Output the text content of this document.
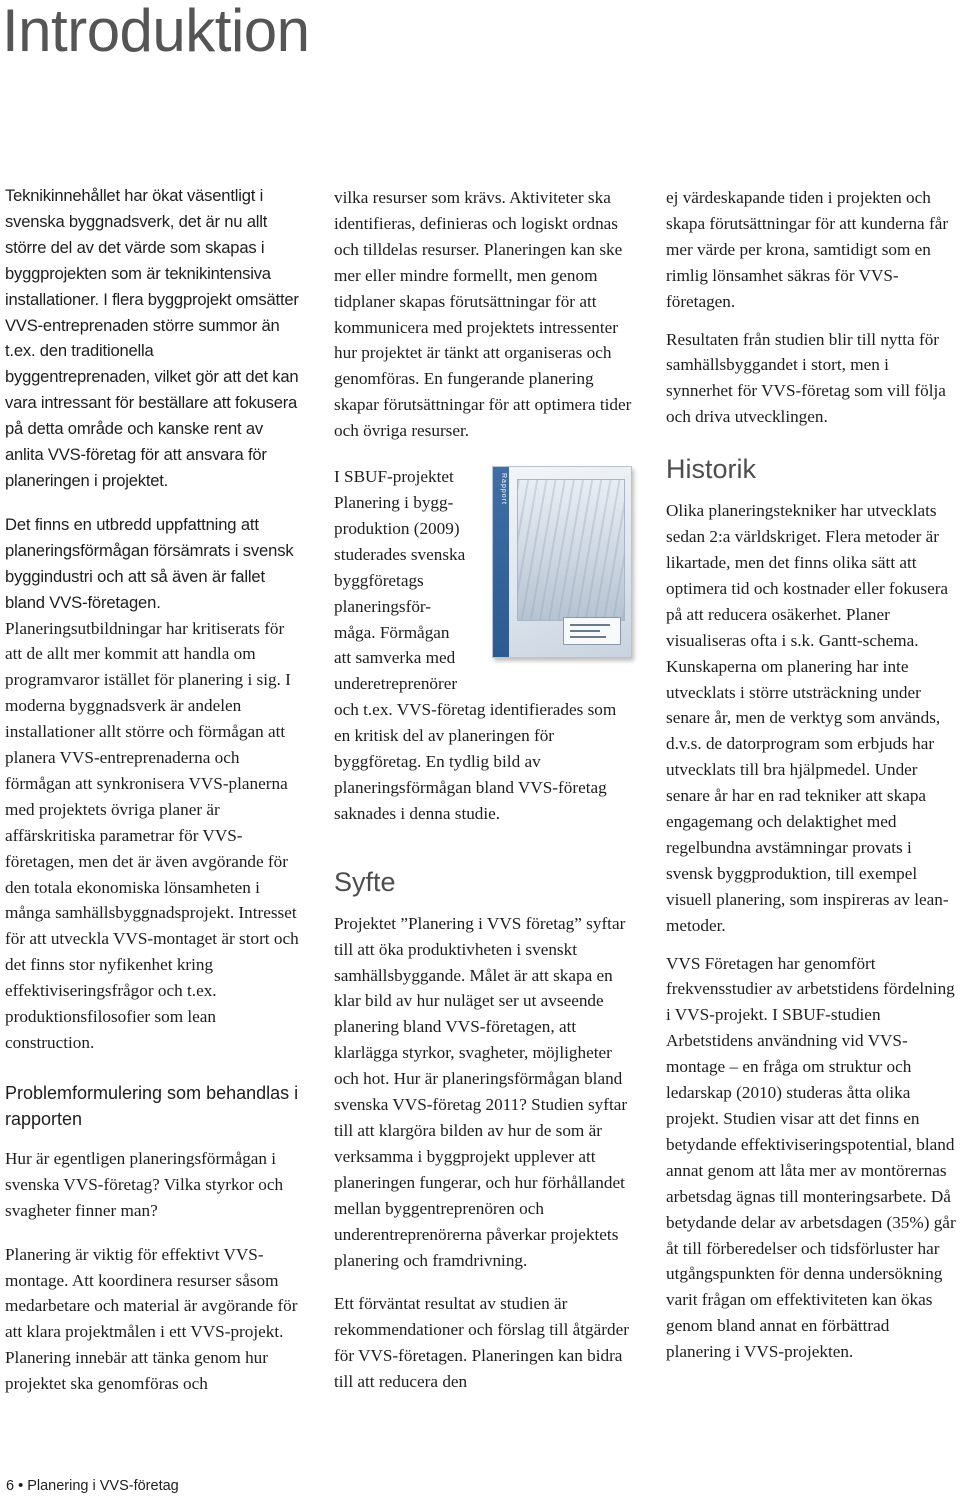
Introduktion

Teknikinnehållet har ökat väsentligt i svenska byggnadsverk, det är nu allt större del av det värde som skapas i byggprojekten som är teknikintensiva installationer. I flera byggprojekt omsätter VVS-entreprenaden större summor än t.ex. den traditionella byggentreprenaden, vilket gör att det kan vara intressant för beställare att fokusera på detta område och kanske rent av anlita VVS-företag för att ansvara för planeringen i projektet.

Det finns en utbredd uppfattning att planeringsförmågan försämrats i svensk byggindustri och att så även är fallet bland VVS-företagen.

Planeringsutbildningar har kritiserats för att de allt mer kommit att handla om programvaror istället för planering i sig. I moderna byggnadsverk är andelen installationer allt större och förmågan att planera VVS-entreprenaderna och förmågan att synkronisera VVS-planerna med projektets övriga planer är affärskritiska parametrar för VVS-företagen, men det är även avgörande för den totala ekonomiska lönsamheten i många samhällsbyggnadsprojekt. Intresset för att utveckla VVS-montaget är stort och det finns stor nyfikenhet kring effektiviseringsfrågor och t.ex. produktionsfilosofier som lean construction.

Problemformulering som behandlas i rapporten

Hur är egentligen planeringsförmågan i svenska VVS-företag? Vilka styrkor och svagheter finner man?

Planering är viktig för effektivt VVS-montage. Att koordinera resurser såsom medarbetare och material är avgörande för att klara projektmålen i ett VVS-projekt. Planering innebär att tänka genom hur projektet ska genomföras och

vilka resurser som krävs. Aktiviteter ska identifieras, definieras och logiskt ordnas och tilldelas resurser. Planeringen kan ske mer eller mindre formellt, men genom tidplaner skapas förutsättningar för att kommunicera med projektets intressenter hur projektet är tänkt att organiseras och genomföras. En fungerande planering skapar förutsättningar för att optimera tider och övriga resurser.

Rapport

I SBUF-projektet
Planering i bygg-
produktion (2009)
studerades svenska
byggföretags
planeringsför-
måga. Förmågan
att samverka med
underetreprenörer
och t.ex. VVS-företag identifierades som en kritisk del av planeringen för byggföretag. En tydlig bild av planeringsförmågan bland VVS-företag saknades i denna studie.

Syfte

Projektet ”Planering i VVS företag” syftar till att öka produktivheten i svenskt samhällsbyggande. Målet är att skapa en klar bild av hur nuläget ser ut avseende planering bland VVS-företagen, att klarlägga styrkor, svagheter, möjligheter och hot. Hur är planeringsförmågan bland svenska VVS-företag 2011? Studien syftar till att klargöra bilden av hur de som är verksamma i byggprojekt upplever att planeringen fungerar, och hur förhållandet mellan byggentreprenören och underentreprenörerna påverkar projektets planering och framdrivning.

Ett förväntat resultat av studien är rekommendationer och förslag till åtgärder för VVS-företagen. Planeringen kan bidra till att reducera den

ej värdeskapande tiden i projekten och skapa förutsättningar för att kunderna får mer värde per krona, samtidigt som en rimlig lönsamhet säkras för VVS-företagen.

Resultaten från studien blir till nytta för samhällsbyggandet i stort, men i synnerhet för VVS-företag som vill följa och driva utvecklingen.

Historik

Olika planeringstekniker har utvecklats sedan 2:a världskriget. Flera metoder är likartade, men det finns olika sätt att optimera tid och kostnader eller fokusera på att reducera osäkerhet. Planer visualiseras ofta i s.k. Gantt-schema. Kunskaperna om planering har inte utvecklats i större utsträckning under senare år, men de verktyg som används, d.v.s. de datorprogram som erbjuds har utvecklats till bra hjälpmedel. Under senare år har en rad tekniker att skapa engagemang och delaktighet med regelbundna avstämningar provats i svensk byggproduktion, till exempel visuell planering, som inspireras av lean-metoder.

VVS Företagen har genomfört frekvensstudier av arbetstidens fördelning i VVS-projekt. I SBUF-studien Arbetstidens användning vid VVS-montage – en fråga om struktur och ledarskap (2010) studeras åtta olika projekt. Studien visar att det finns en betydande effektiviseringspotential, bland annat genom att låta mer av montörernas arbetsdag ägnas till monteringsarbete. Då betydande delar av arbetsdagen (35%) går åt till förberedelser och tidsförluster har utgångspunkten för denna undersökning varit frågan om effektiviteten kan ökas genom bland annat en förbättrad planering i VVS-projekten.

6 • Planering i VVS-företag
